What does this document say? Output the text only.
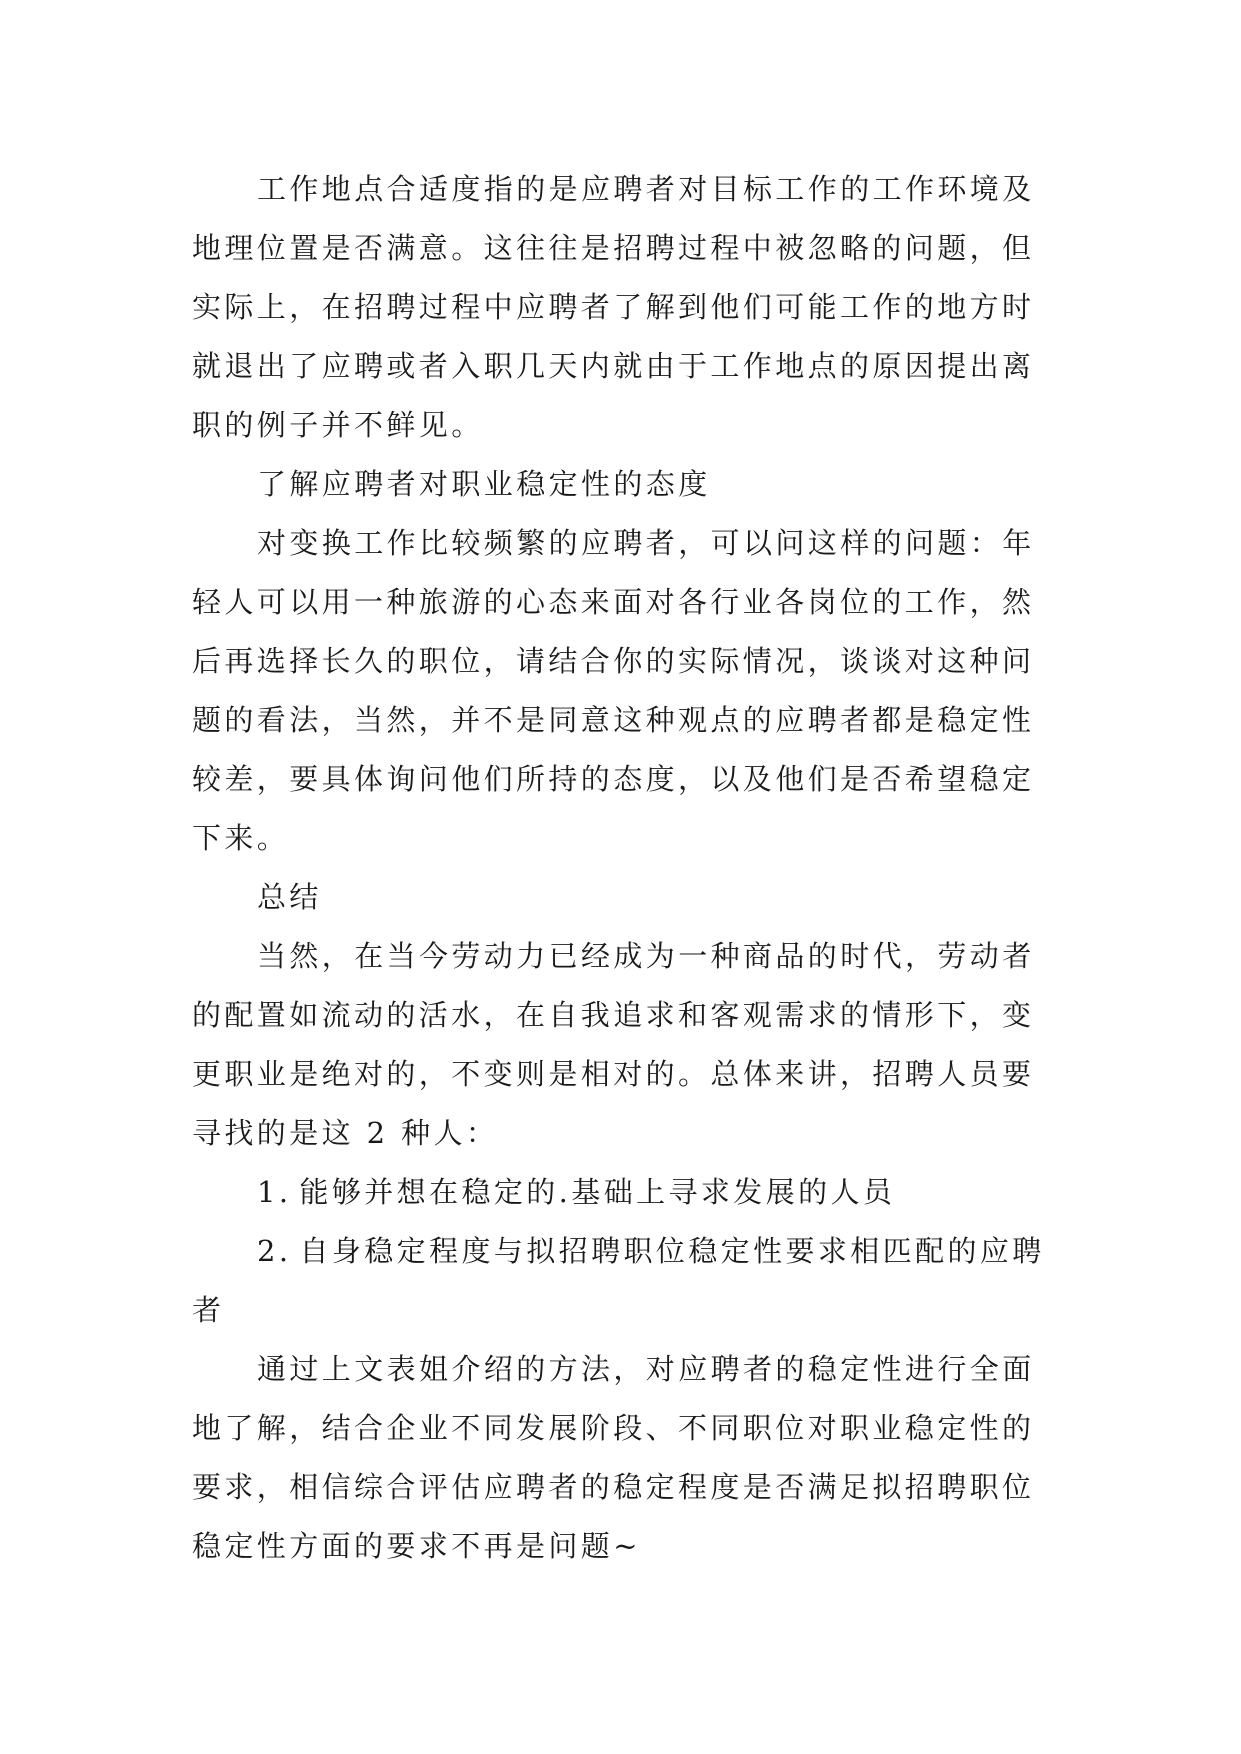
工作地点合适度指的是应聘者对目标工作的工作环境及地理位置是否满意。这往往是招聘过程中被忽略的问题，但实际上，在招聘过程中应聘者了解到他们可能工作的地方时就退出了应聘或者入职几天内就由于工作地点的原因提出离职的例子并不鲜见。

了解应聘者对职业稳定性的态度

对变换工作比较频繁的应聘者，可以问这样的问题：年轻人可以用一种旅游的心态来面对各行业各岗位的工作，然后再选择长久的职位，请结合你的实际情况，谈谈对这种问题的看法，当然，并不是同意这种观点的应聘者都是稳定性较差，要具体询问他们所持的态度，以及他们是否希望稳定下来。

总结

当然，在当今劳动力已经成为一种商品的时代，劳动者的配置如流动的活水，在自我追求和客观需求的情形下，变更职业是绝对的，不变则是相对的。总体来讲，招聘人员要寻找的是这 2 种人：

1. 能够并想在稳定的.基础上寻求发展的人员

2. 自身稳定程度与拟招聘职位稳定性要求相匹配的应聘者

通过上文表姐介绍的方法，对应聘者的稳定性进行全面地了解，结合企业不同发展阶段、不同职位对职业稳定性的要求，相信综合评估应聘者的稳定程度是否满足拟招聘职位稳定性方面的要求不再是问题~
